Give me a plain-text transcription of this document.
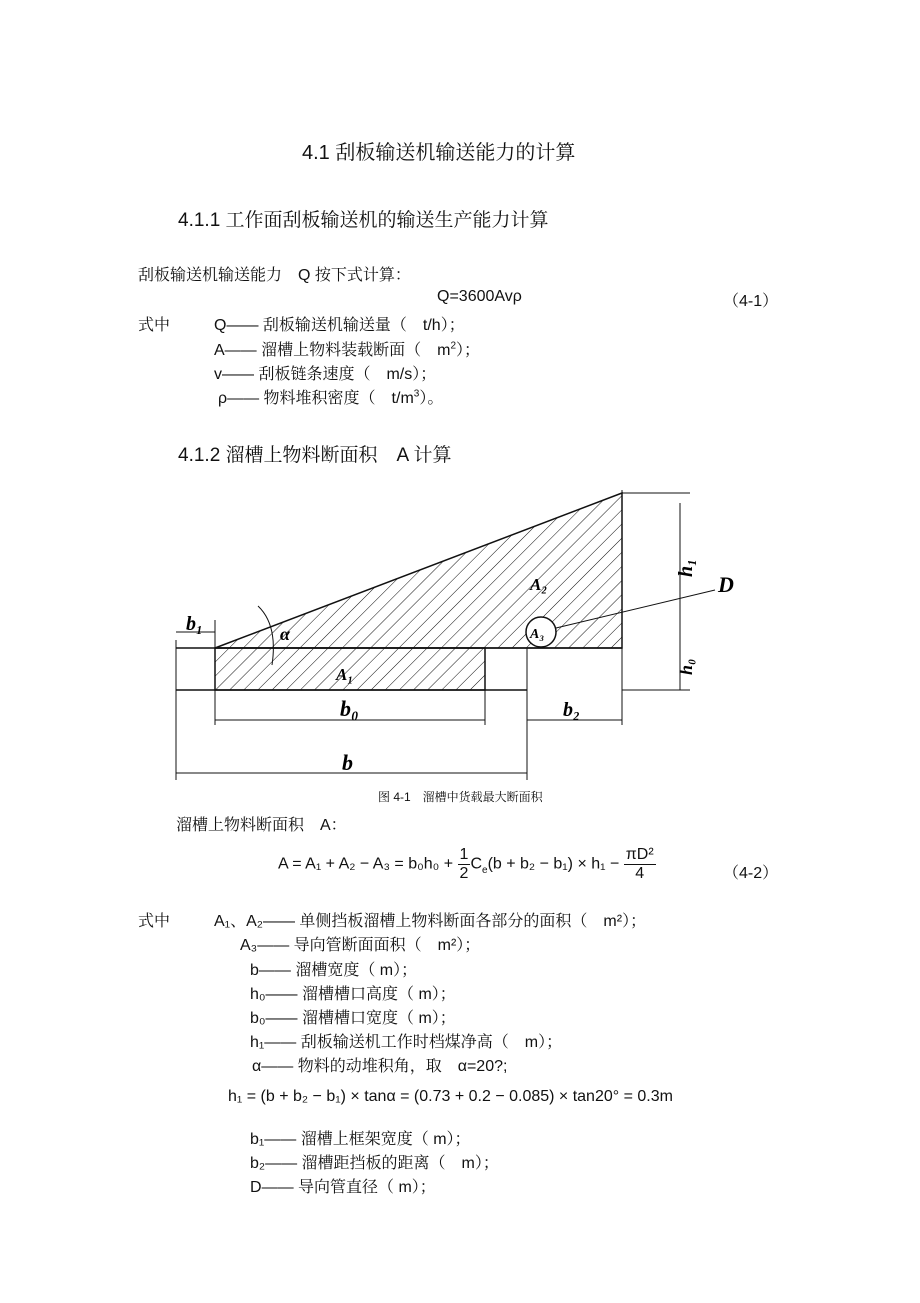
4.1 刮板输送机输送能力的计算
4.1.1 工作面刮板输送机的输送生产能力计算
刮板输送机输送能力　Q 按下式计算：
Q=3600Avρ	（4-1）
式中	Q—— 刮板输送机输送量（　t/h）；
A—— 溜槽上物料装载断面（　$m^2$）；
v—— 刮板链条速度（　m/s）；
ρ—— 物料堆积密度（　$t/m^3$）。
4.1.2 溜槽上物料断面积　A 计算
b₁	α
A₁
A₂
A₃
D
h₁
h₀
b₀	b₂
b
图 4-1　溜槽中货载最大断面积
溜槽上物料断面积　A：
$A = A_1 + A_2 - A_3 = b_0h_0 + \frac{1}{2} C_e(b + b_2 - b_1) \times h_1 - \frac{\text{πD²}}{4}$	（4-2）
式中	A₁、A₂—— 单侧挡板溜槽上物料断面各部分的面积（　m²）；
A₃—— 导向管断面面积（　m²）；
b—— 溜槽宽度（ m）；
h₀—— 溜槽槽口高度（ m）；
b₀—— 溜槽槽口宽度（ m）；
h₁—— 刮板输送机工作时档煤净高（　m）；
α—— 物料的动堆积角，取　α=20?;
h₁ = (b + b₂ − b₁) × tanα = (0.73 + 0.2 − 0.085) × tan20° = 0.3m
b₁—— 溜槽上框架宽度（ m）；
b₂—— 溜槽距挡板的距离（　m）；
D—— 导向管直径（ m）；
